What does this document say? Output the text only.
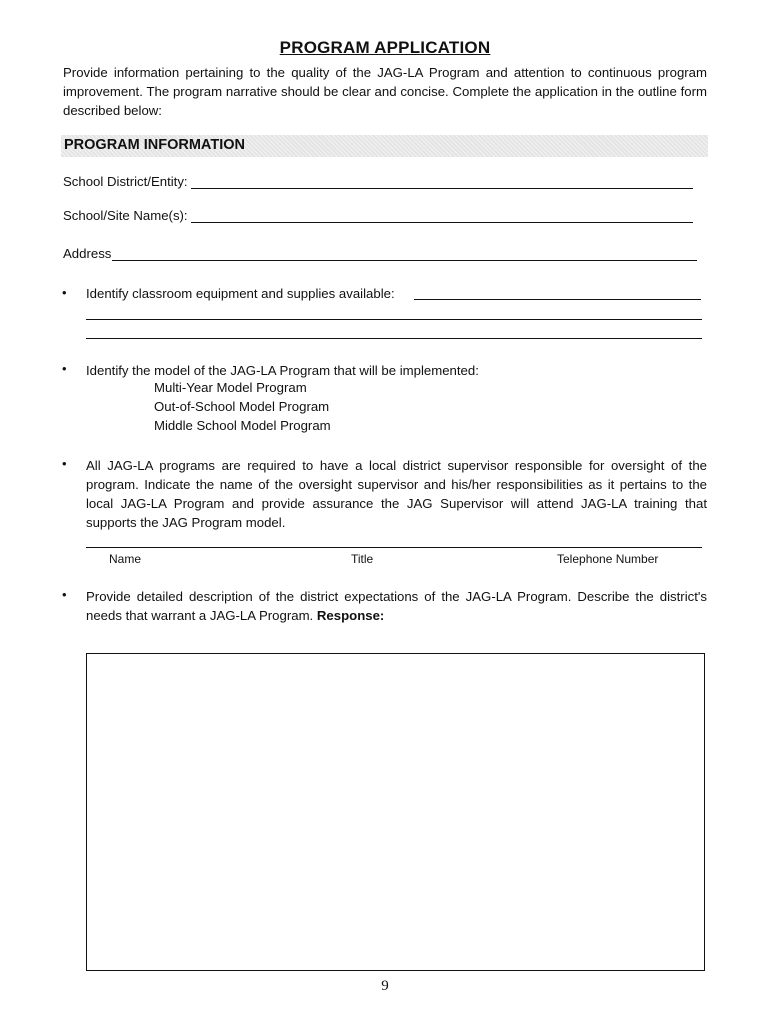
PROGRAM APPLICATION
Provide information pertaining to the quality of the JAG-LA Program and attention to continuous program improvement. The program narrative should be clear and concise. Complete the application in the outline form described below:
PROGRAM INFORMATION
School District/Entity:
School/Site Name(s):
Address
• Identify classroom equipment and supplies available:
• Identify the model of the JAG-LA Program that will be implemented:
Multi-Year Model Program
Out-of-School Model Program
Middle School Model Program
• All JAG-LA programs are required to have a local district supervisor responsible for oversight of the program. Indicate the name of the oversight supervisor and his/her responsibilities as it pertains to the local JAG-LA Program and provide assurance the JAG Supervisor will attend JAG-LA training that supports the JAG Program model.
Name	Title	Telephone Number
• Provide detailed description of the district expectations of the JAG-LA Program. Describe the district's needs that warrant a JAG-LA Program. Response:
9
